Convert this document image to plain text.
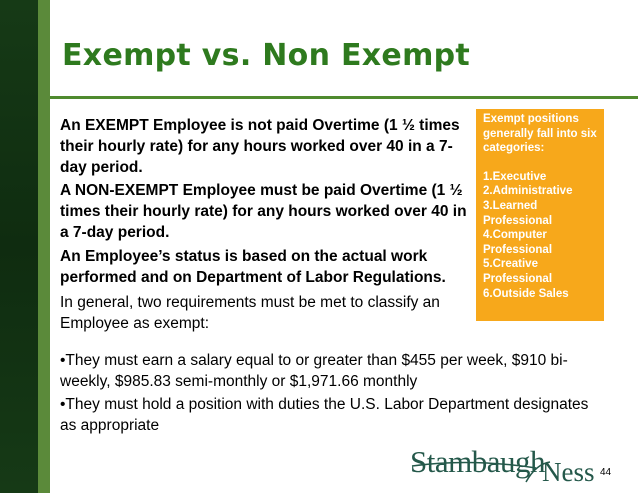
Exempt vs. Non Exempt
An EXEMPT Employee is not paid Overtime (1 ½ times their hourly rate) for any hours worked over 40 in a 7-day period.
A NON-EXEMPT Employee must be paid Overtime (1 ½ times their hourly rate) for any hours worked over 40 in a 7-day period.
An Employee’s status is based on the actual work performed and on Department of Labor Regulations.
In general, two requirements must be met to classify an Employee as exempt:
•They must earn a salary equal to or greater than $455 per week, $910 bi-weekly, $985.83 semi-monthly or $1,971.66 monthly
•They must hold a position with duties the U.S. Labor Department designates as appropriate
Exempt positions generally fall into six categories:
1.Executive
2.Administrative
3.Learned Professional
4.Computer Professional
5.Creative Professional
6.Outside Sales
Stambaugh
Ness 44
